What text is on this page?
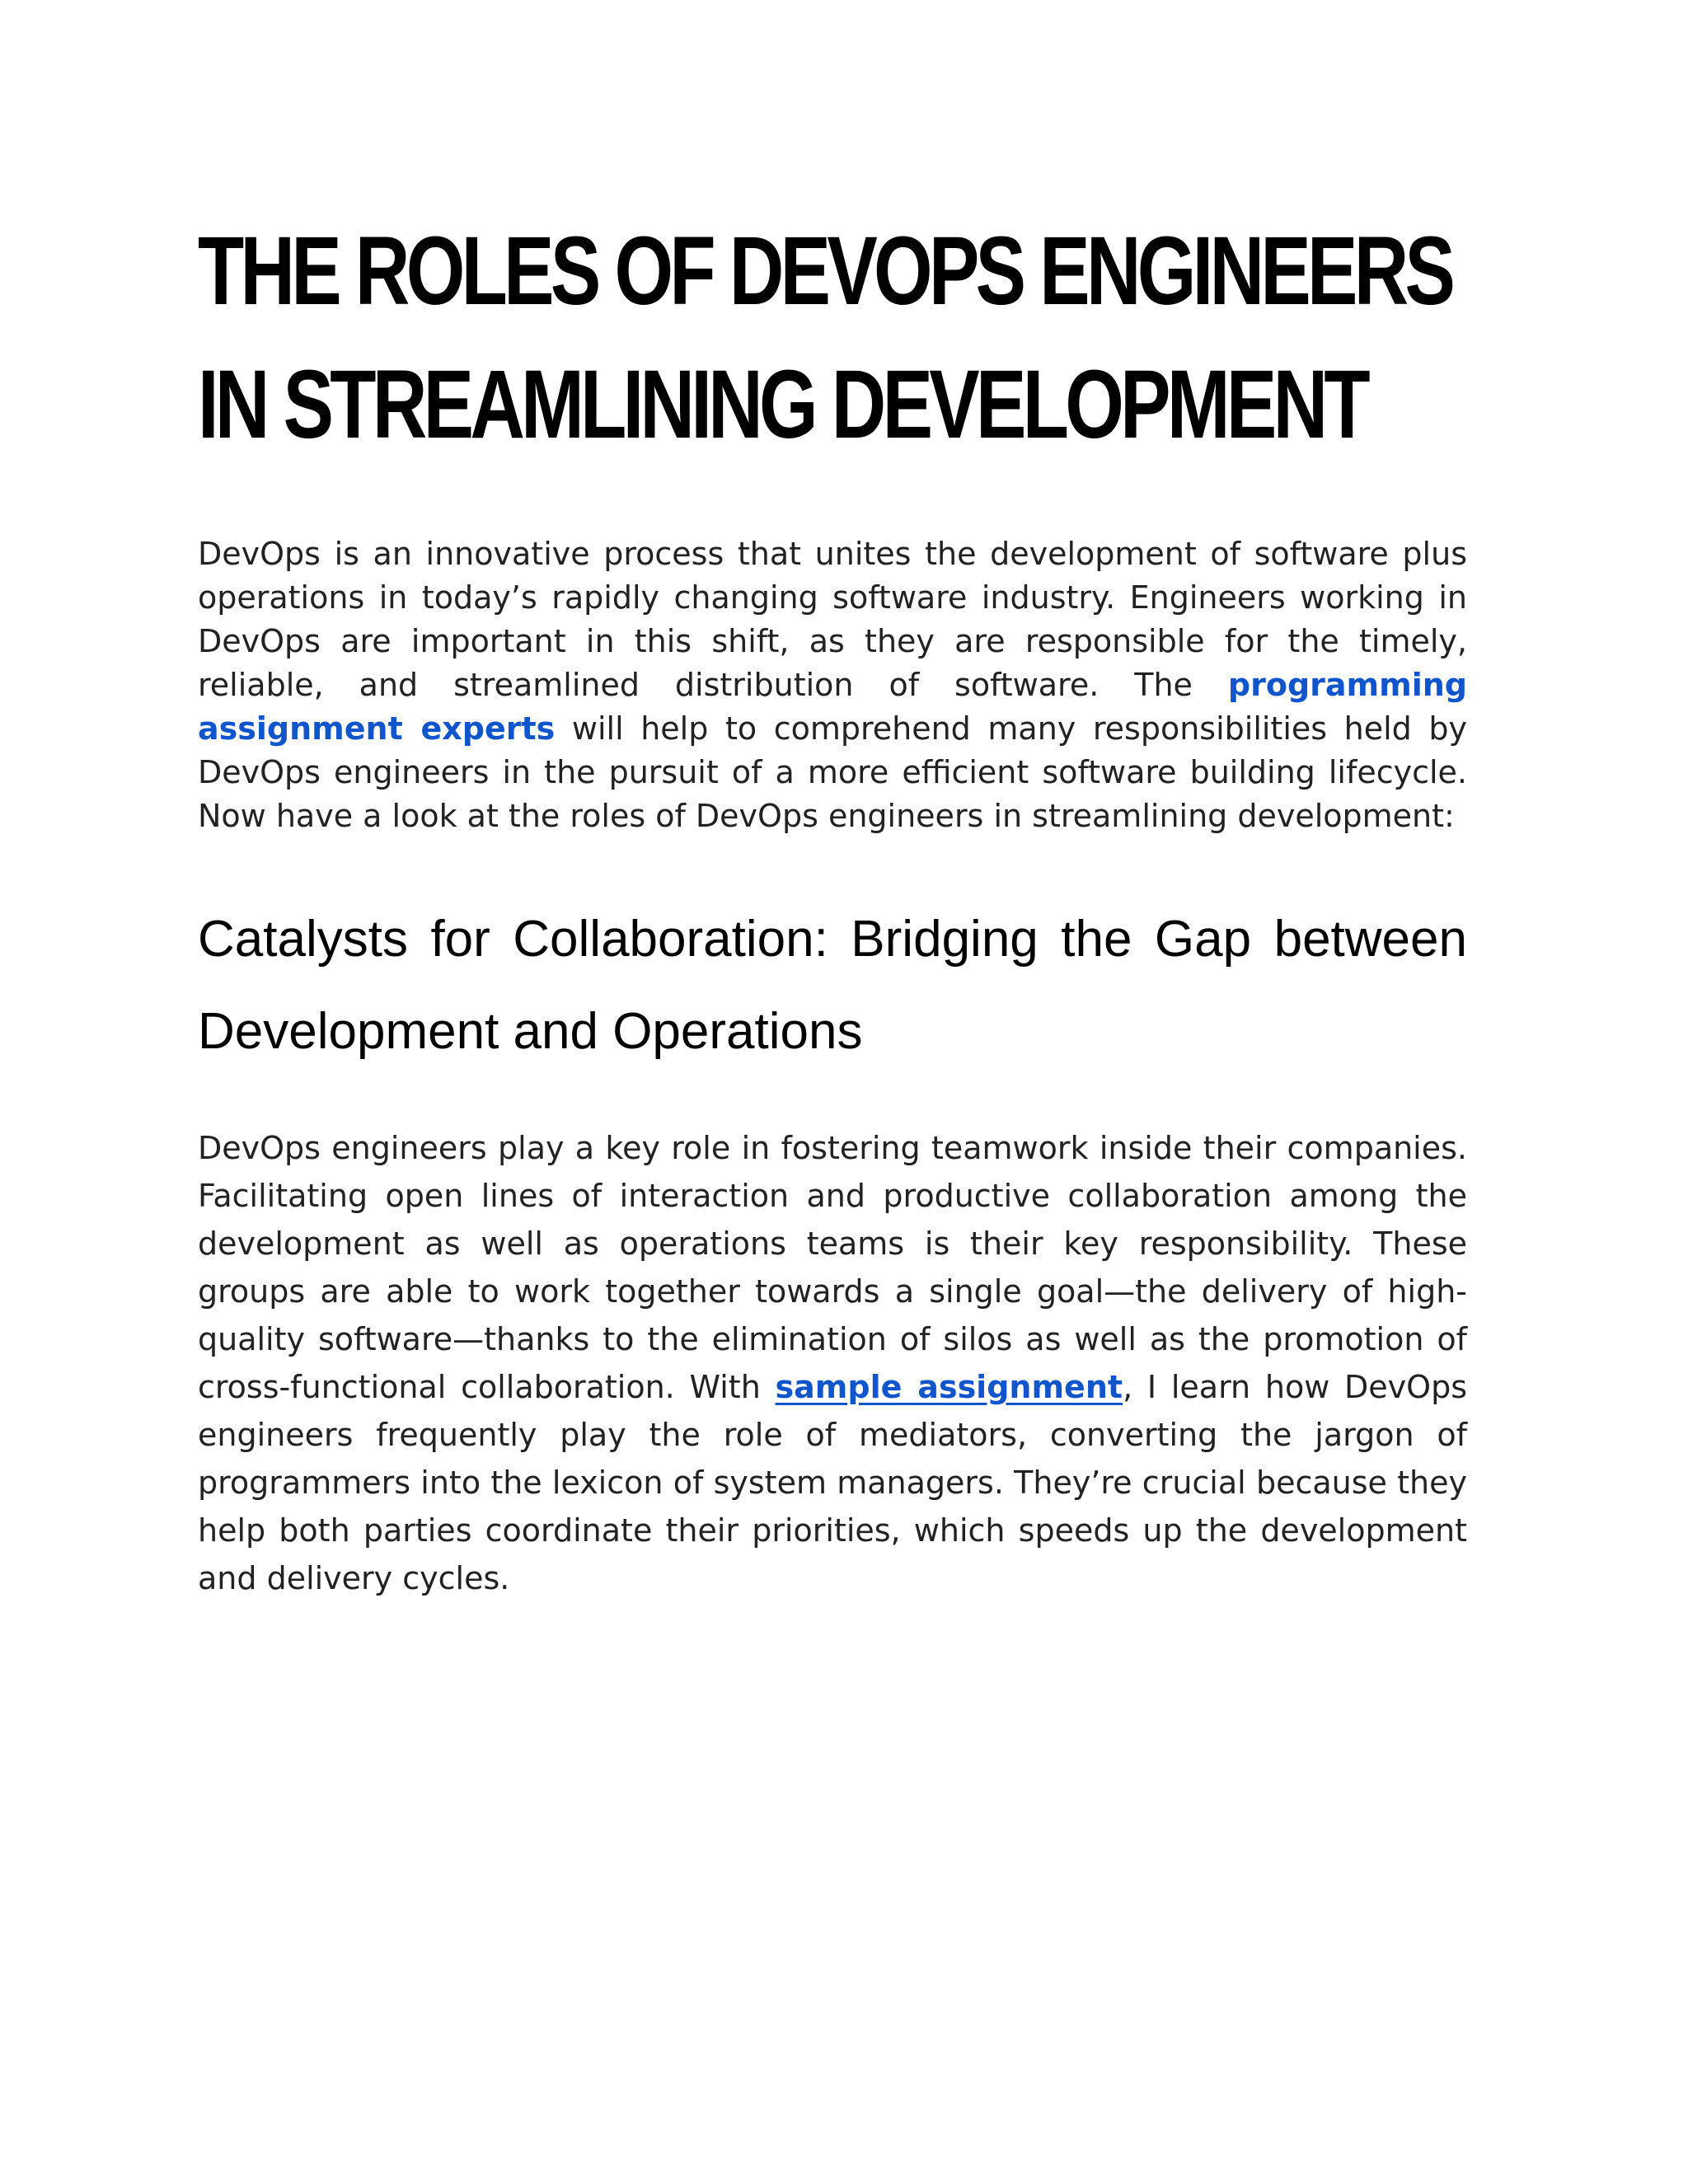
THE ROLES OF DEVOPS ENGINEERS
IN STREAMLINING DEVELOPMENT

DevOps is an innovative process that unites the development of software plus operations in today’s rapidly changing software industry. Engineers working in DevOps are important in this shift, as they are responsible for the timely, reliable, and streamlined distribution of software. The programming assignment experts will help to comprehend many responsibilities held by DevOps engineers in the pursuit of a more efficient software building lifecycle. Now have a look at the roles of DevOps engineers in streamlining development:

Catalysts for Collaboration: Bridging the Gap between Development and Operations

DevOps engineers play a key role in fostering teamwork inside their companies. Facilitating open lines of interaction and productive collaboration among the development as well as operations teams is their key responsibility. These groups are able to work together towards a single goal—the delivery of high-quality software—thanks to the elimination of silos as well as the promotion of cross-functional collaboration. With sample assignment, I learn how DevOps engineers frequently play the role of mediators, converting the jargon of programmers into the lexicon of system managers. They’re crucial because they help both parties coordinate their priorities, which speeds up the development and delivery cycles.
